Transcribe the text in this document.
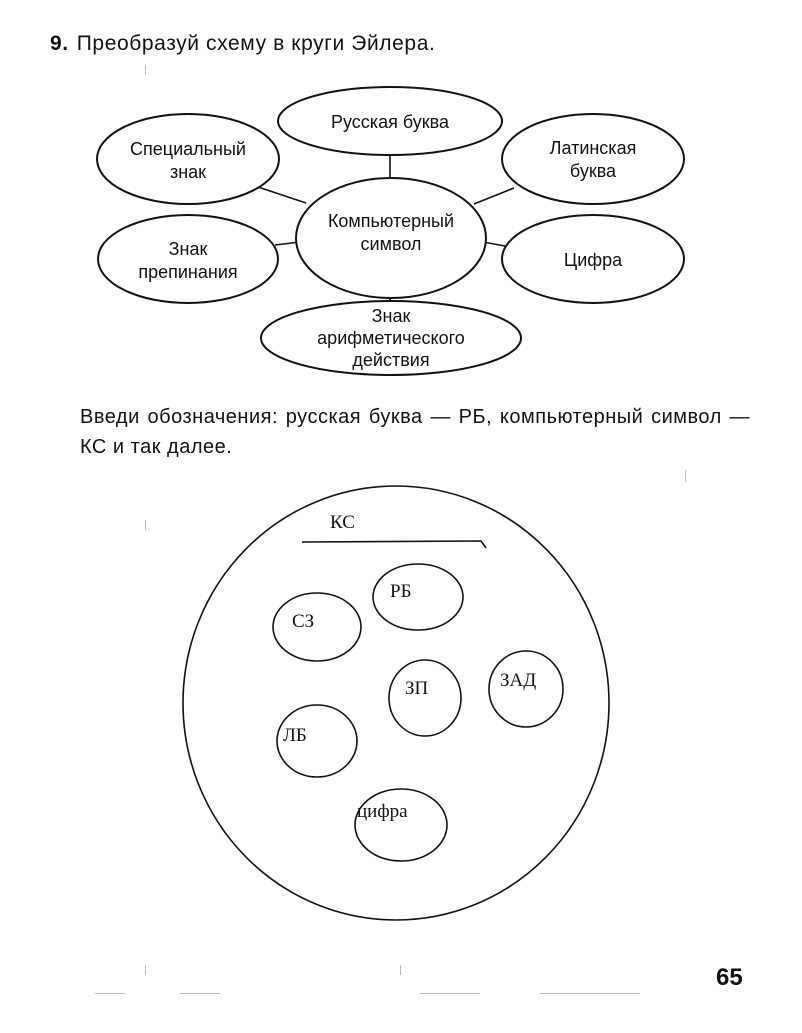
9. Преобразуй схему в круги Эйлера.
Русская буква
Специальный
знак
Латинская
буква
Компьютерный
символ
Знак
препинания
Цифра
Знак
арифметического
действия
КС
РБ
СЗ
ЗП	ЗАД
ЛБ
цифра
Введи обозначения: русская буква — РБ, компьютерный символ — КС и так далее.
65
